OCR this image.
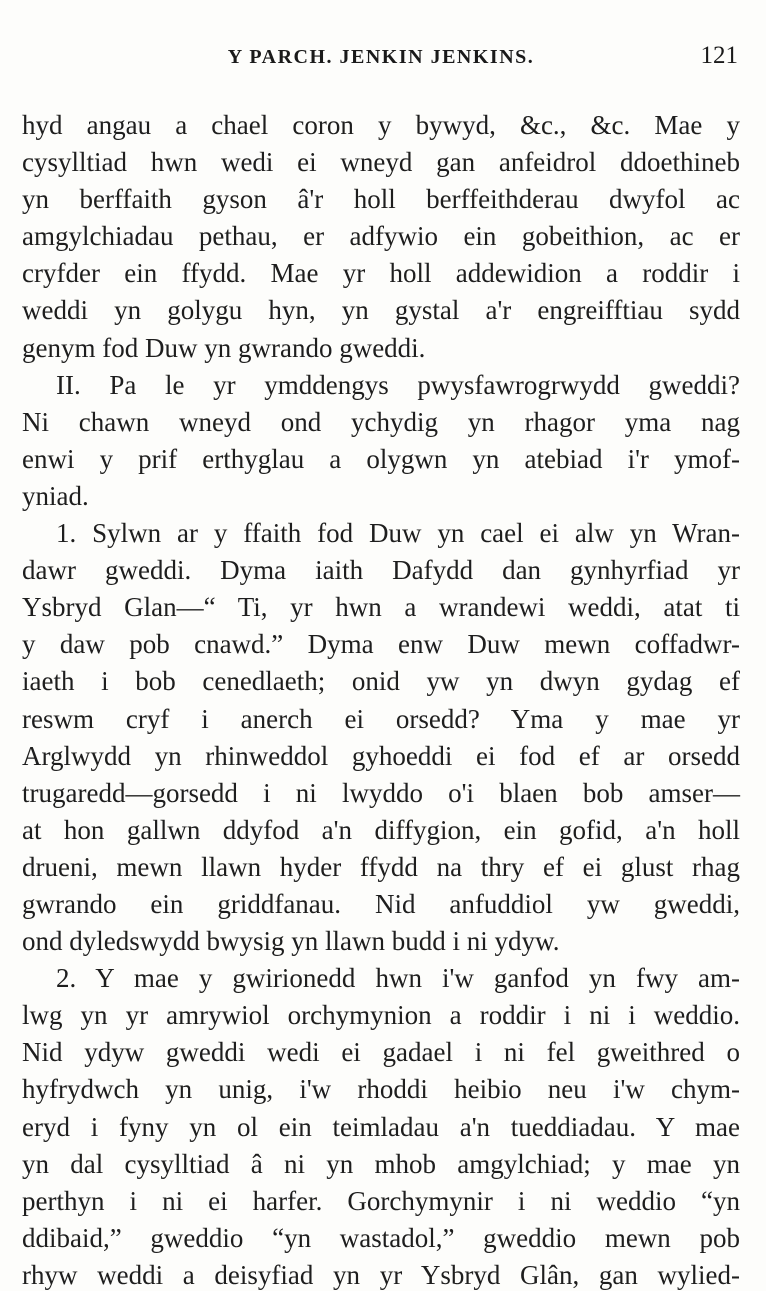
Y PARCH. JENKIN JENKINS.	121
hyd angau a chael coron y bywyd, &c., &c. Mae y
cysylltiad hwn wedi ei wneyd gan anfeidrol ddoethineb
yn berffaith gyson â'r holl berffeithderau dwyfol ac
amgylchiadau pethau, er adfywio ein gobeithion, ac er
cryfder ein ffydd. Mae yr holl addewidion a roddir i
weddi yn golygu hyn, yn gystal a'r engreifftiau sydd
genym fod Duw yn gwrando gweddi.
II. Pa le yr ymddengys pwysfawrogrwydd gweddi?
Ni chawn wneyd ond ychydig yn rhagor yma nag
enwi y prif erthyglau a olygwn yn atebiad i'r ymof-
yniad.
1. Sylwn ar y ffaith fod Duw yn cael ei alw yn Wran-
dawr gweddi. Dyma iaith Dafydd dan gynhyrfiad yr
Ysbryd Glan—“ Ti, yr hwn a wrandewi weddi, atat ti
y daw pob cnawd.” Dyma enw Duw mewn coffadwr-
iaeth i bob cenedlaeth; onid yw yn dwyn gydag ef
reswm cryf i anerch ei orsedd? Yma y mae yr
Arglwydd yn rhinweddol gyhoeddi ei fod ef ar orsedd
trugaredd—gorsedd i ni lwyddo o'i blaen bob amser—
at hon gallwn ddyfod a'n diffygion, ein gofid, a'n holl
drueni, mewn llawn hyder ffydd na thry ef ei glust rhag
gwrando ein griddfanau. Nid anfuddiol yw gweddi,
ond dyledswydd bwysig yn llawn budd i ni ydyw.
2. Y mae y gwirionedd hwn i'w ganfod yn fwy am-
lwg yn yr amrywiol orchymynion a roddir i ni i weddio.
Nid ydyw gweddi wedi ei gadael i ni fel gweithred o
hyfrydwch yn unig, i'w rhoddi heibio neu i'w chym-
eryd i fyny yn ol ein teimladau a'n tueddiadau. Y mae
yn dal cysylltiad â ni yn mhob amgylchiad; y mae yn
perthyn i ni ei harfer. Gorchymynir i ni weddio “yn
ddibaid,” gweddio “yn wastadol,” gweddio mewn pob
rhyw weddi a deisyfiad yn yr Ysbryd Glân, gan wylied-
